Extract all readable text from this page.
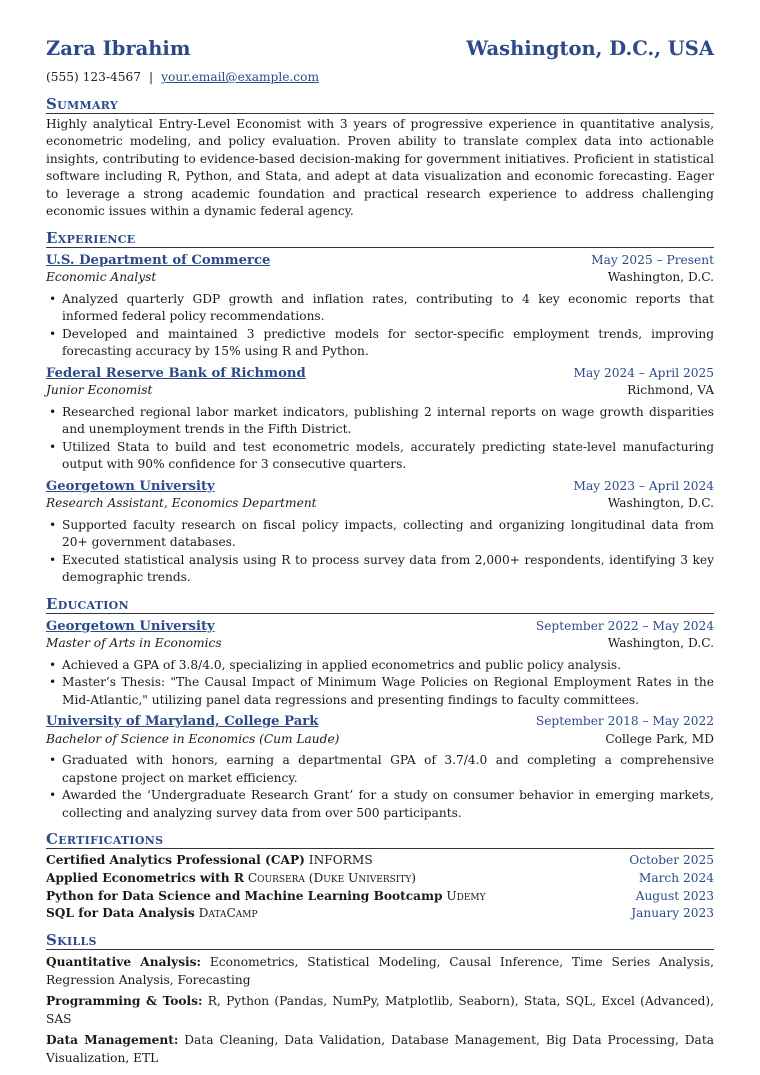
Zara Ibrahim	Washington, D.C., USA
(555) 123-4567 | your.email@example.com
Summary
Highly analytical Entry-Level Economist with 3 years of progressive experience in quantitative analysis, econometric modeling, and policy evaluation. Proven ability to translate complex data into actionable insights, contributing to evidence-based decision-making for government initiatives. Proficient in statistical software including R, Python, and Stata, and adept at data visualization and economic forecasting. Eager to leverage a strong academic foundation and practical research experience to address challenging economic issues within a dynamic federal agency.
Experience
U.S. Department of Commerce	May 2025 – Present
Economic Analyst	Washington, D.C.
• Analyzed quarterly GDP growth and inflation rates, contributing to 4 key economic reports that informed federal policy recommendations.
• Developed and maintained 3 predictive models for sector-specific employment trends, improving forecasting accuracy by 15% using R and Python.
Federal Reserve Bank of Richmond	May 2024 – April 2025
Junior Economist	Richmond, VA
• Researched regional labor market indicators, publishing 2 internal reports on wage growth disparities and unemployment trends in the Fifth District.
• Utilized Stata to build and test econometric models, accurately predicting state-level manufacturing output with 90% confidence for 3 consecutive quarters.
Georgetown University	May 2023 – April 2024
Research Assistant, Economics Department	Washington, D.C.
• Supported faculty research on fiscal policy impacts, collecting and organizing longitudinal data from 20+ government databases.
• Executed statistical analysis using R to process survey data from 2,000+ respondents, identifying 3 key demographic trends.
Education
Georgetown University	September 2022 – May 2024
Master of Arts in Economics	Washington, D.C.
• Achieved a GPA of 3.8/4.0, specializing in applied econometrics and public policy analysis.
• Master’s Thesis: "The Causal Impact of Minimum Wage Policies on Regional Employment Rates in the Mid-Atlantic," utilizing panel data regressions and presenting findings to faculty committees.
University of Maryland, College Park	September 2018 – May 2022
Bachelor of Science in Economics (Cum Laude)	College Park, MD
• Graduated with honors, earning a departmental GPA of 3.7/4.0 and completing a comprehensive capstone project on market efficiency.
• Awarded the ‘Undergraduate Research Grant’ for a study on consumer behavior in emerging markets, collecting and analyzing survey data from over 500 participants.
Certifications
Certified Analytics Professional (CAP) INFORMS	October 2025
Applied Econometrics with R Coursera (Duke University)	March 2024
Python for Data Science and Machine Learning Bootcamp Udemy	August 2023
SQL for Data Analysis DataCamp	January 2023
Skills
Quantitative Analysis: Econometrics, Statistical Modeling, Causal Inference, Time Series Analysis, Regression Analysis, Forecasting
Programming & Tools: R, Python (Pandas, NumPy, Matplotlib, Seaborn), Stata, SQL, Excel (Advanced), SAS
Data Management: Data Cleaning, Data Validation, Database Management, Big Data Processing, Data Visualization, ETL
